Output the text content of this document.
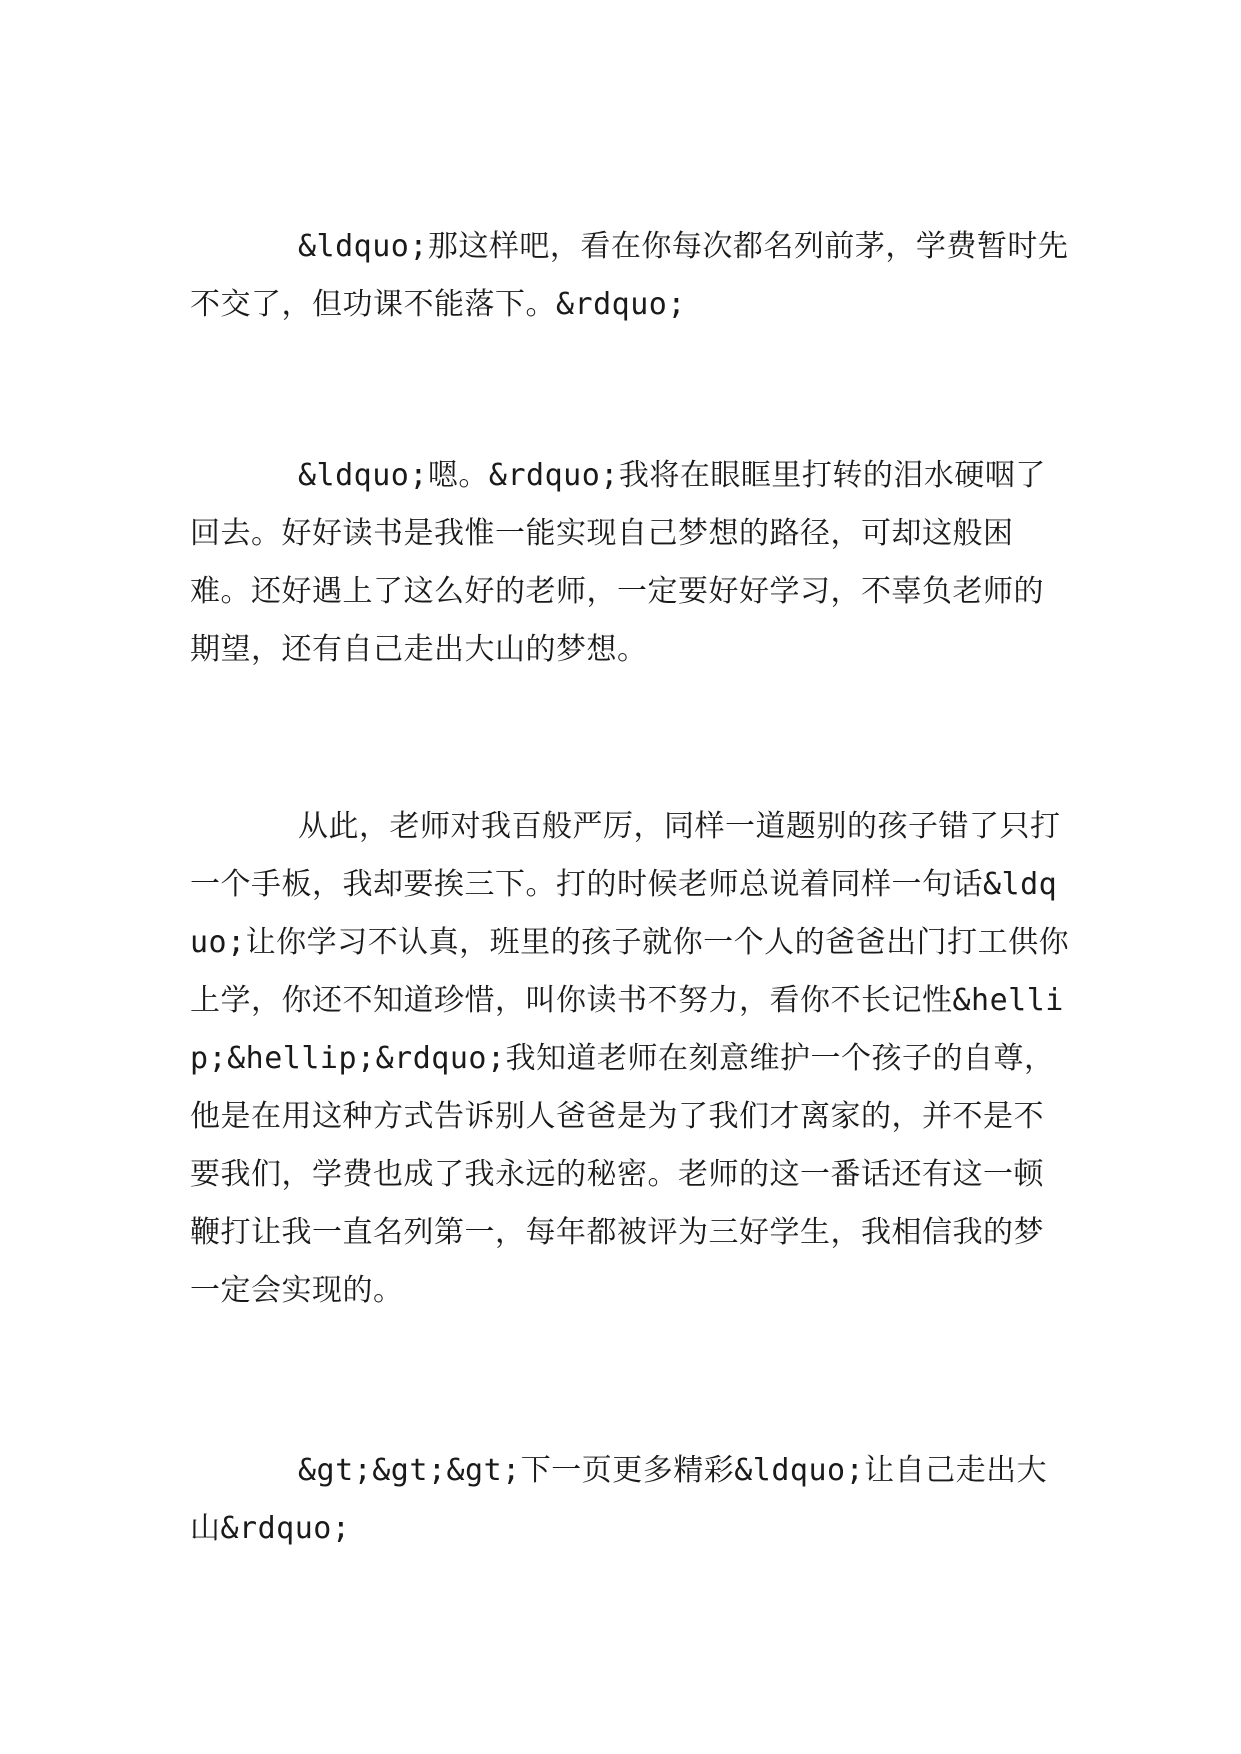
&ldquo;那这样吧，看在你每次都名列前茅，学费暂时先不交了，但功课不能落下。&rdquo;

&ldquo;嗯。&rdquo;我将在眼眶里打转的泪水硬咽了回去。好好读书是我惟一能实现自己梦想的路径，可却这般困难。还好遇上了这么好的老师，一定要好好学习，不辜负老师的期望，还有自己走出大山的梦想。

从此，老师对我百般严厉，同样一道题别的孩子错了只打一个手板，我却要挨三下。打的时候老师总说着同样一句话&ldquo;让你学习不认真，班里的孩子就你一个人的爸爸出门打工供你上学，你还不知道珍惜，叫你读书不努力，看你不长记性&hellip;&hellip;&rdquo;我知道老师在刻意维护一个孩子的自尊，他是在用这种方式告诉别人爸爸是为了我们才离家的，并不是不要我们，学费也成了我永远的秘密。老师的这一番话还有这一顿鞭打让我一直名列第一，每年都被评为三好学生，我相信我的梦一定会实现的。

&gt;&gt;&gt;下一页更多精彩&ldquo;让自己走出大山&rdquo;
